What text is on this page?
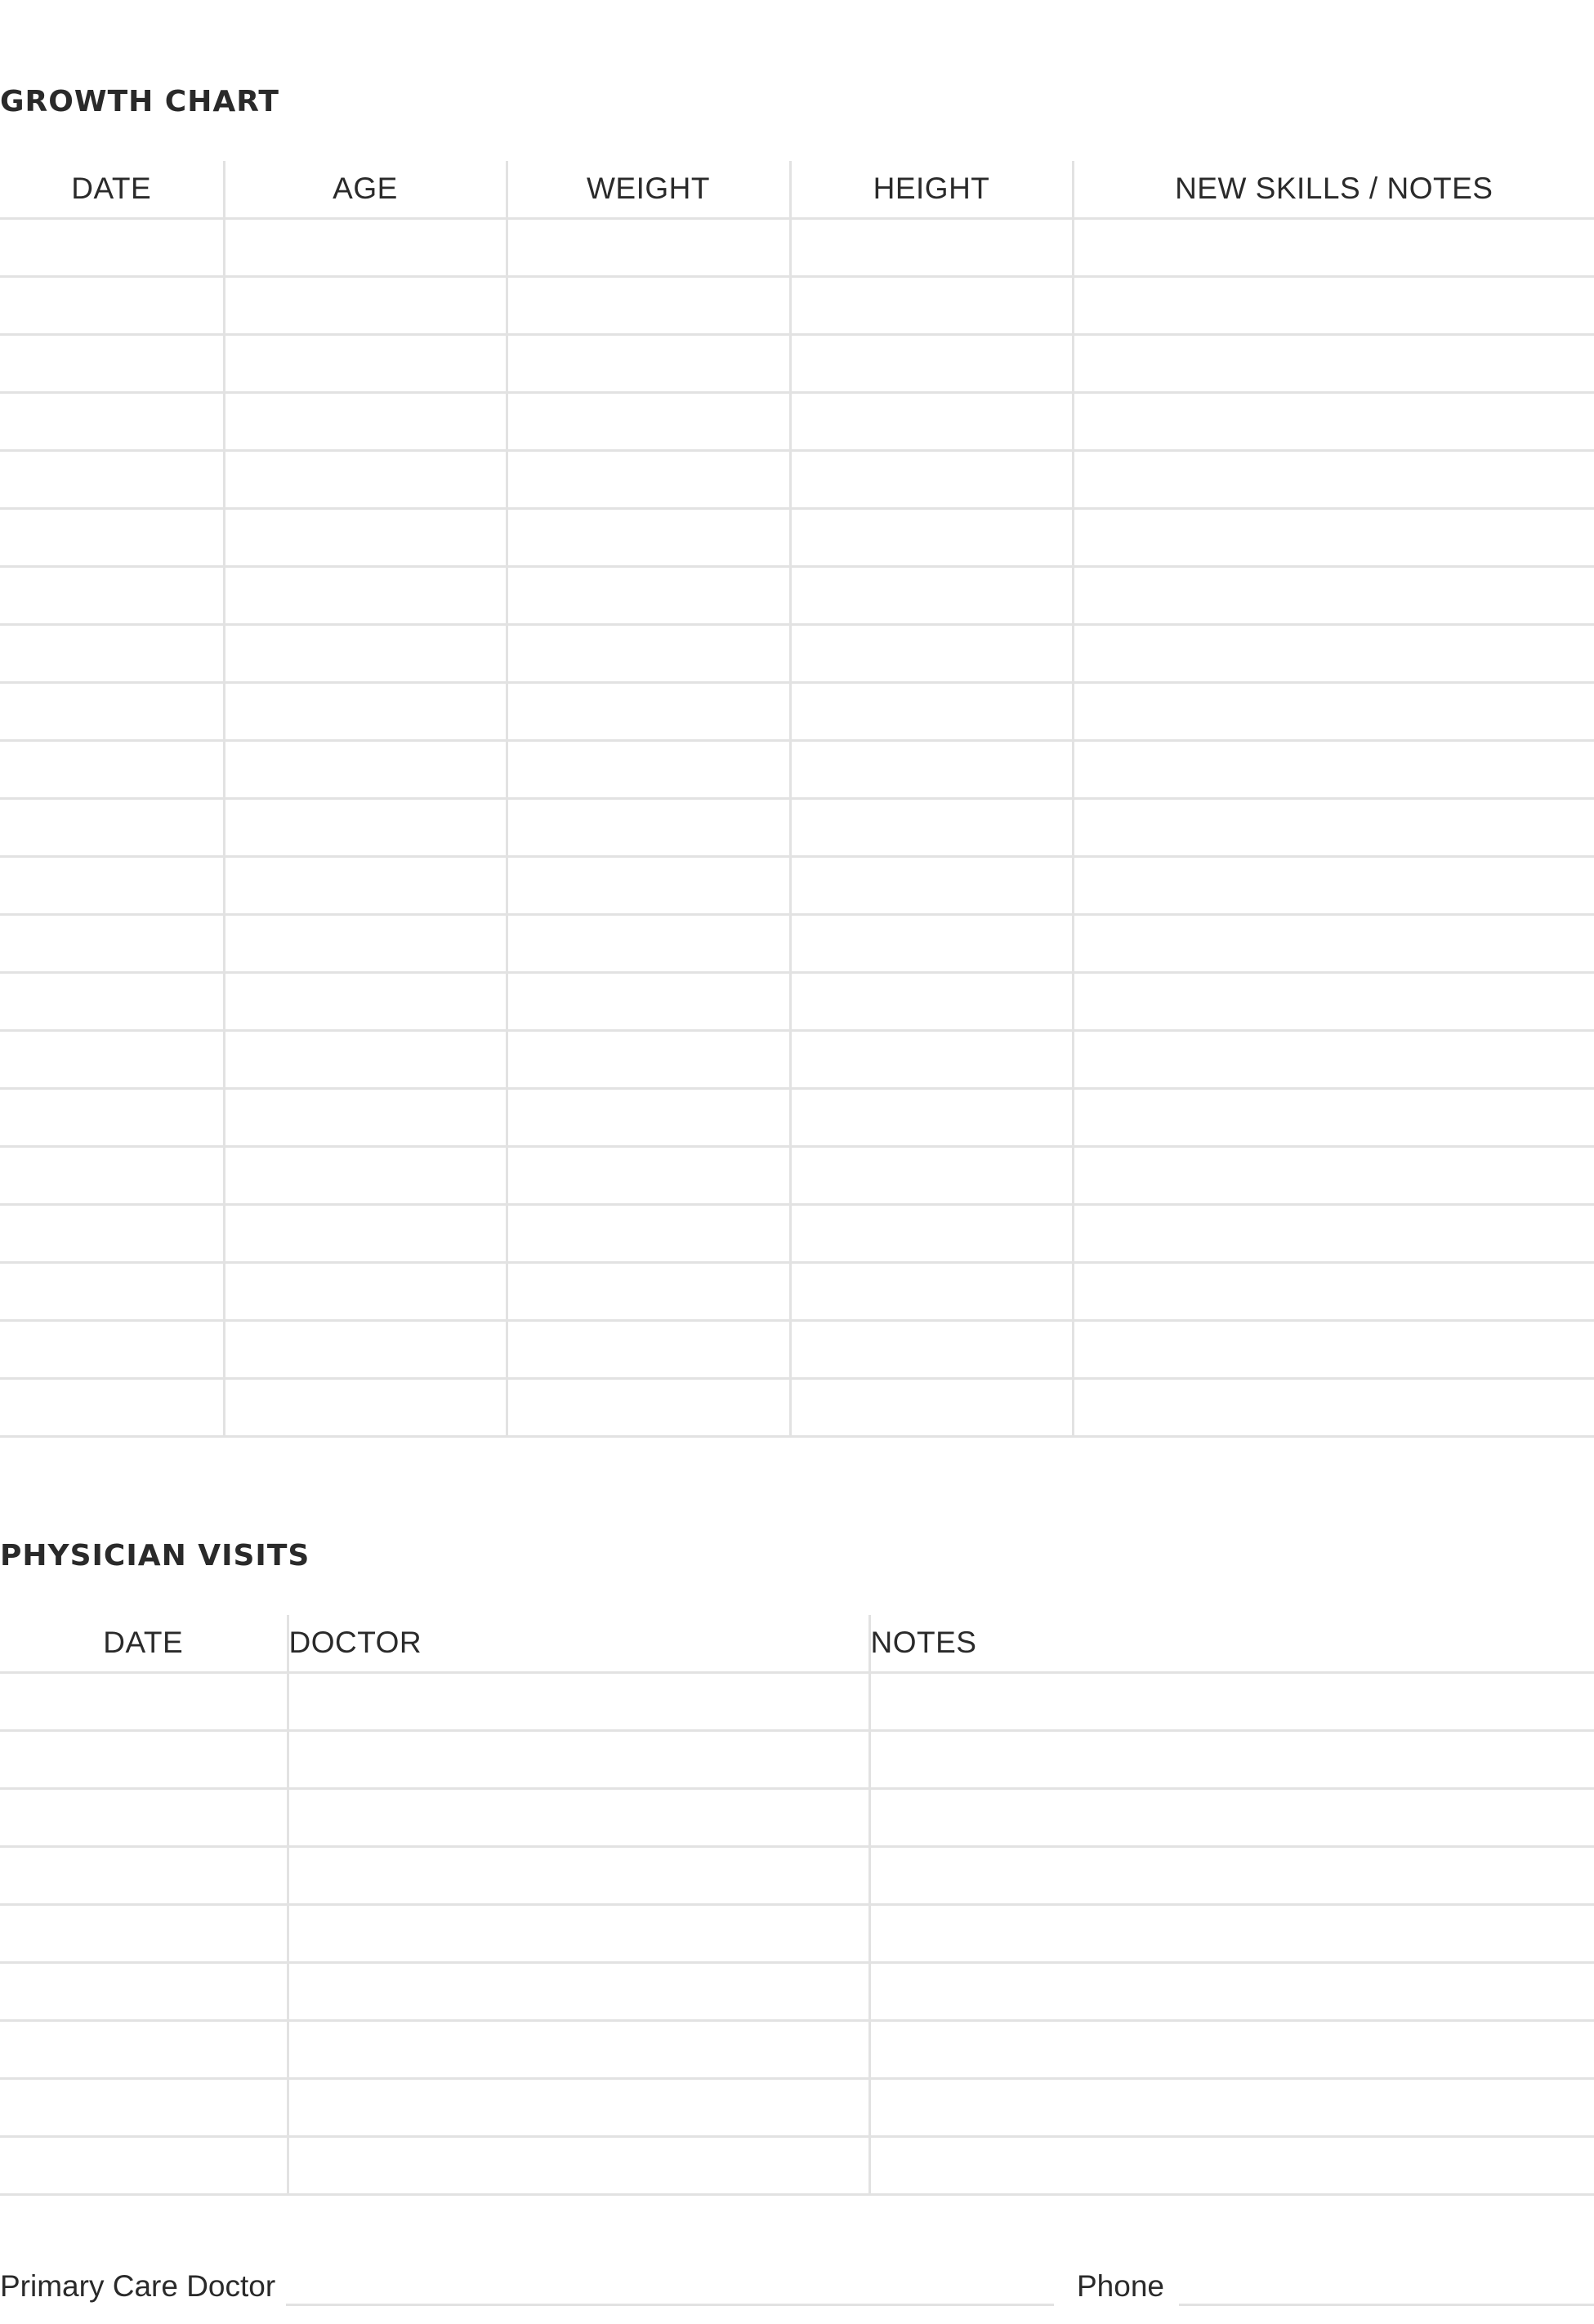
GROWTH CHART
DATE	AGE	WEIGHT	HEIGHT	NEW SKILLS / NOTES

PHYSICIAN VISITS
DATE	DOCTOR	NOTES

Primary Care Doctor	Phone
